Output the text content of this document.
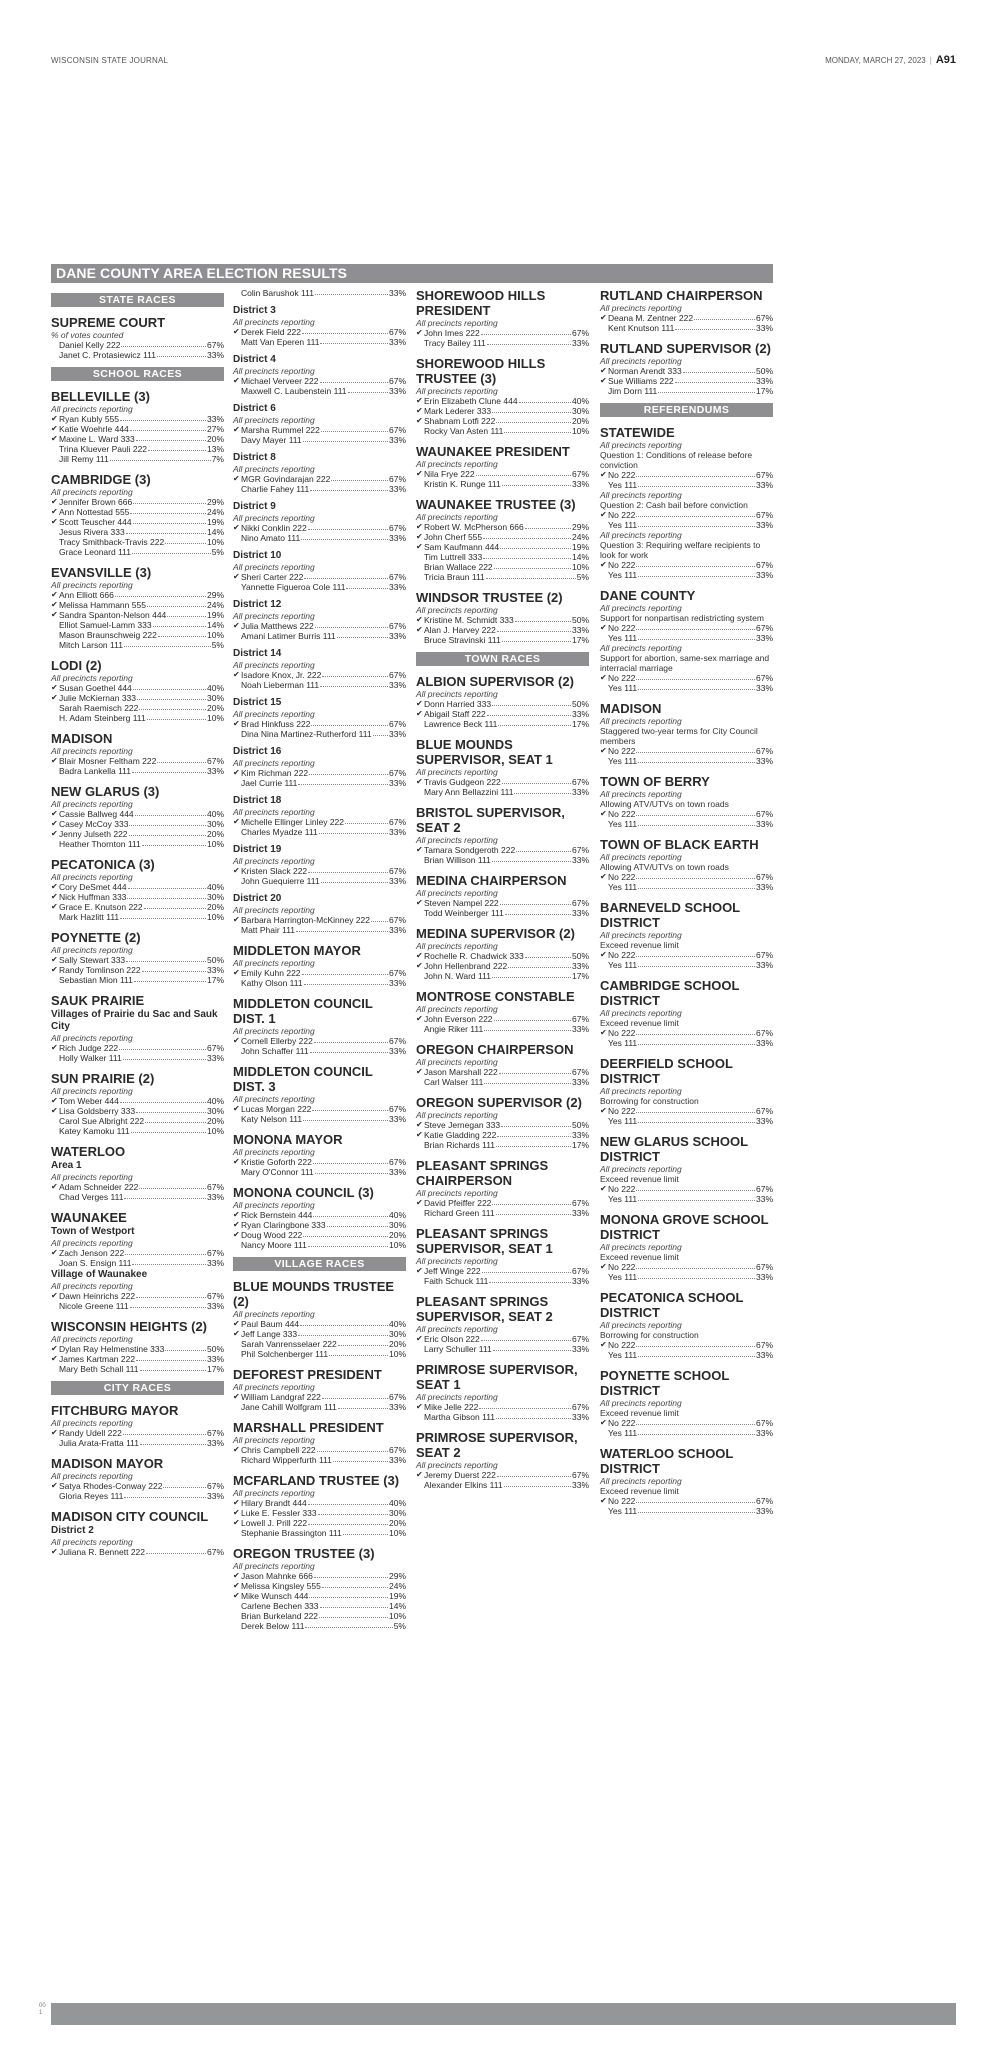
WISCONSIN STATE JOURNAL	MONDAY, MARCH 27, 2023 | A91
DANE COUNTY AREA ELECTION RESULTS
STATE RACES
SUPREME COURT
% of votes counted
Daniel Kelly 222	67%
Janet C. Protasiewicz 111	33%
SCHOOL RACES
BELLEVILLE (3)
All precincts reporting
✔ Ryan Kubly 555	33%
✔ Katie Woehrle 444	27%
✔ Maxine L. Ward 333	20%
Trina Kluever Pauli 222	13%
Jill Remy 111	7%
CAMBRIDGE (3)
All precincts reporting
✔ Jennifer Brown 666	29%
✔ Ann Nottestad 555	24%
✔ Scott Teuscher 444	19%
Jesus Rivera 333	14%
Tracy Smithback-Travis 222	10%
Grace Leonard 111	5%
EVANSVILLE (3)
All precincts reporting
✔ Ann Elliott 666	29%
✔ Melissa Hammann 555	24%
✔ Sandra Spanton-Nelson 444	19%
Elliot Samuel-Lamm 333	14%
Mason Braunschweig 222	10%
Mitch Larson 111	5%
LODI (2)
All precincts reporting
✔ Susan Goethel 444	40%
✔ Julie McKiernan 333	30%
Sarah Raemisch 222	20%
H. Adam Steinberg 111	10%
MADISON
All precincts reporting
✔ Blair Mosner Feltham 222	67%
Badra Lankella 111	33%
NEW GLARUS (3)
All precincts reporting
✔ Cassie Ballweg 444	40%
✔ Casey McCoy 333	30%
✔ Jenny Julseth 222	20%
Heather Thornton 111	10%
PECATONICA (3)
All precincts reporting
✔ Cory DeSmet 444	40%
✔ Nick Huffman 333	30%
✔ Grace E. Knutson 222	20%
Mark Hazlitt 111	10%
POYNETTE (2)
All precincts reporting
✔ Sally Stewart 333	50%
✔ Randy Tomlinson 222	33%
Sebastian Mion 111	17%
SAUK PRAIRIE
Villages of Prairie du Sac and Sauk City
All precincts reporting
✔ Rich Judge 222	67%
Holly Walker 111	33%
SUN PRAIRIE (2)
All precincts reporting
✔ Tom Weber 444	40%
✔ Lisa Goldsberry 333	30%
Carol Sue Albright 222	20%
Katey Kamoku 111	10%
WATERLOO
Area 1
All precincts reporting
✔ Adam Schneider 222	67%
Chad Verges 111	33%
WAUNAKEE
Town of Westport
All precincts reporting
✔ Zach Jenson 222	67%
Joan S. Ensign 111	33%
Village of Waunakee
All precincts reporting
✔ Dawn Heinrichs 222	67%
Nicole Greene 111	33%
WISCONSIN HEIGHTS (2)
All precincts reporting
✔ Dylan Ray Helmenstine 333	50%
✔ James Kartman 222	33%
Mary Beth Schall 111	17%
CITY RACES
FITCHBURG MAYOR
All precincts reporting
✔ Randy Udell 222	67%
Julia Arata-Fratta 111	33%
MADISON MAYOR
All precincts reporting
✔ Satya Rhodes-Conway 222	67%
Gloria Reyes 111	33%
MADISON CITY COUNCIL
District 2
All precincts reporting
✔ Juliana R. Bennett 222	67%
Colin Barushok 111	33%
District 3
All precincts reporting
✔ Derek Field 222	67%
Matt Van Eperen 111	33%
District 4
All precincts reporting
✔ Michael Verveer 222	67%
Maxwell C. Laubenstein 111	33%
District 6
All precincts reporting
✔ Marsha Rummel 222	67%
Davy Mayer 111	33%
District 8
All precincts reporting
✔ MGR Govindarajan 222	67%
Charlie Fahey 111	33%
District 9
All precincts reporting
✔ Nikki Conklin 222	67%
Nino Amato 111	33%
District 10
All precincts reporting
✔ Sheri Carter 222	67%
Yannette Figueroa Cole 111	33%
District 12
All precincts reporting
✔ Julia Matthews 222	67%
Amani Latimer Burris 111	33%
District 14
All precincts reporting
✔ Isadore Knox, Jr. 222	67%
Noah Lieberman 111	33%
District 15
All precincts reporting
✔ Brad Hinkfuss 222	67%
Dina Nina Martinez-Rutherford 111 33%
District 16
All precincts reporting
✔ Kim Richman 222	67%
Jael Currie 111	33%
District 18
All precincts reporting
✔ Michelle Ellinger Linley 222	67%
Charles Myadze 111	33%
District 19
All precincts reporting
✔ Kristen Slack 222	67%
John Guequierre 111	33%
District 20
All precincts reporting
✔ Barbara Harrington-McKinney 222 67%
Matt Phair 111	33%
MIDDLETON MAYOR
All precincts reporting
✔ Emily Kuhn 222	67%
Kathy Olson 111	33%
MIDDLETON COUNCIL DIST. 1
All precincts reporting
✔ Cornell Ellerby 222	67%
John Schaffer 111	33%
MIDDLETON COUNCIL DIST. 3
All precincts reporting
✔ Lucas Morgan 222	67%
Katy Nelson 111	33%
MONONA MAYOR
All precincts reporting
✔ Kristie Goforth 222	67%
Mary O'Connor 111	33%
MONONA COUNCIL (3)
All precincts reporting
✔ Rick Bernstein 444	40%
✔ Ryan Claringbone 333	30%
✔ Doug Wood 222	20%
Nancy Moore 111	10%
VILLAGE RACES
BLUE MOUNDS TRUSTEE (2)
All precincts reporting
✔ Paul Baum 444	40%
✔ Jeff Lange 333	30%
Sarah Vanrensselaer 222	20%
Phil Solchenberger 111	10%
DEFOREST PRESIDENT
All precincts reporting
✔ William Landgraf 222	67%
Jane Cahill Wolfgram 111	33%
MARSHALL PRESIDENT
All precincts reporting
✔ Chris Campbell 222	67%
Richard Wipperfurth 111	33%
MCFARLAND TRUSTEE (3)
All precincts reporting
✔ Hilary Brandt 444	40%
✔ Luke E. Fessler 333	30%
✔ Lowell J. Prill 222	20%
Stephanie Brassington 111	10%
OREGON TRUSTEE (3)
All precincts reporting
✔ Jason Mahnke 666	29%
✔ Melissa Kingsley 555	24%
✔ Mike Wunsch 444	19%
Carlene Bechen 333	14%
Brian Burkeland 222	10%
Derek Below 111	5%
SHOREWOOD HILLS PRESIDENT
All precincts reporting
✔ John Imes 222	67%
Tracy Bailey 111	33%
SHOREWOOD HILLS TRUSTEE (3)
All precincts reporting
✔ Erin Elizabeth Clune 444	40%
✔ Mark Lederer 333	30%
✔ Shabnam Lotfi 222	20%
Rocky Van Asten 111	10%
WAUNAKEE PRESIDENT
All precincts reporting
✔ Nila Frye 222	67%
Kristin K. Runge 111	33%
WAUNAKEE TRUSTEE (3)
All precincts reporting
✔ Robert W. McPherson 666	29%
✔ John Cherf 555	24%
✔ Sam Kaufmann 444	19%
Tim Luttrell 333	14%
Brian Wallace 222	10%
Tricia Braun 111	5%
WINDSOR TRUSTEE (2)
All precincts reporting
✔ Kristine M. Schmidt 333	50%
✔ Alan J. Harvey 222	33%
Bruce Stravinski 111	17%
TOWN RACES
ALBION SUPERVISOR (2)
All precincts reporting
✔ Donn Harried 333	50%
✔ Abigail Staff 222	33%
Lawrence Beck 111	17%
BLUE MOUNDS SUPERVISOR, SEAT 1
All precincts reporting
✔ Travis Gudgeon 222	67%
Mary Ann Bellazzini 111	33%
BRISTOL SUPERVISOR, SEAT 2
All precincts reporting
✔ Tamara Sondgeroth 222	67%
Brian Willison 111	33%
MEDINA CHAIRPERSON
All precincts reporting
✔ Steven Nampel 222	67%
Todd Weinberger 111	33%
MEDINA SUPERVISOR (2)
All precincts reporting
✔ Rochelle R. Chadwick 333	50%
✔ John Hellenbrand 222	33%
John N. Ward 111	17%
MONTROSE CONSTABLE
All precincts reporting
✔ John Everson 222	67%
Angie Riker 111	33%
OREGON CHAIRPERSON
All precincts reporting
✔ Jason Marshall 222	67%
Carl Walser 111	33%
OREGON SUPERVISOR (2)
All precincts reporting
✔ Steve Jernegan 333	50%
✔ Katie Gladding 222	33%
Brian Richards 111	17%
PLEASANT SPRINGS CHAIRPERSON
All precincts reporting
✔ David Pfeiffer 222	67%
Richard Green 111	33%
PLEASANT SPRINGS SUPERVISOR, SEAT 1
All precincts reporting
✔ Jeff Winge 222	67%
Faith Schuck 111	33%
PLEASANT SPRINGS SUPERVISOR, SEAT 2
All precincts reporting
✔ Eric Olson 222	67%
Larry Schuller 111	33%
PRIMROSE SUPERVISOR, SEAT 1
All precincts reporting
✔ Mike Jelle 222	67%
Martha Gibson 111	33%
PRIMROSE SUPERVISOR, SEAT 2
All precincts reporting
✔ Jeremy Duerst 222	67%
Alexander Elkins 111	33%
RUTLAND CHAIRPERSON
All precincts reporting
✔ Deana M. Zentner 222	67%
Kent Knutson 111	33%
RUTLAND SUPERVISOR (2)
All precincts reporting
✔ Norman Arendt 333	50%
✔ Sue Williams 222	33%
Jim Dorn 111	17%
REFERENDUMS
STATEWIDE
All precincts reporting
Question 1: Conditions of release before conviction
✔ No 222	67%
Yes 111	33%
All precincts reporting
Question 2: Cash bail before conviction
✔ No 222	67%
Yes 111	33%
All precincts reporting
Question 3: Requiring welfare recipients to look for work
✔ No 222	67%
Yes 111	33%
DANE COUNTY
All precincts reporting
Support for nonpartisan redistricting system
✔ No 222	67%
Yes 111	33%
All precincts reporting
Support for abortion, same-sex marriage and interracial marriage
✔ No 222	67%
Yes 111	33%
MADISON
All precincts reporting
Staggered two-year terms for City Council members
✔ No 222	67%
Yes 111	33%
TOWN OF BERRY
All precincts reporting
Allowing ATV/UTVs on town roads
✔ No 222	67%
Yes 111	33%
TOWN OF BLACK EARTH
All precincts reporting
Allowing ATV/UTVs on town roads
✔ No 222	67%
Yes 111	33%
BARNEVELD SCHOOL DISTRICT
All precincts reporting
Exceed revenue limit
✔ No 222	67%
Yes 111	33%
CAMBRIDGE SCHOOL DISTRICT
All precincts reporting
Exceed revenue limit
✔ No 222	67%
Yes 111	33%
DEERFIELD SCHOOL DISTRICT
All precincts reporting
Borrowing for construction
✔ No 222	67%
Yes 111	33%
NEW GLARUS SCHOOL DISTRICT
All precincts reporting
Exceed revenue limit
✔ No 222	67%
Yes 111	33%
MONONA GROVE SCHOOL DISTRICT
All precincts reporting
Exceed revenue limit
✔ No 222	67%
Yes 111	33%
PECATONICA SCHOOL DISTRICT
All precincts reporting
Borrowing for construction
✔ No 222	67%
Yes 111	33%
POYNETTE SCHOOL DISTRICT
All precincts reporting
Exceed revenue limit
✔ No 222	67%
Yes 111	33%
WATERLOO SCHOOL DISTRICT
All precincts reporting
Exceed revenue limit
✔ No 222	67%
Yes 111	33%
00
1
